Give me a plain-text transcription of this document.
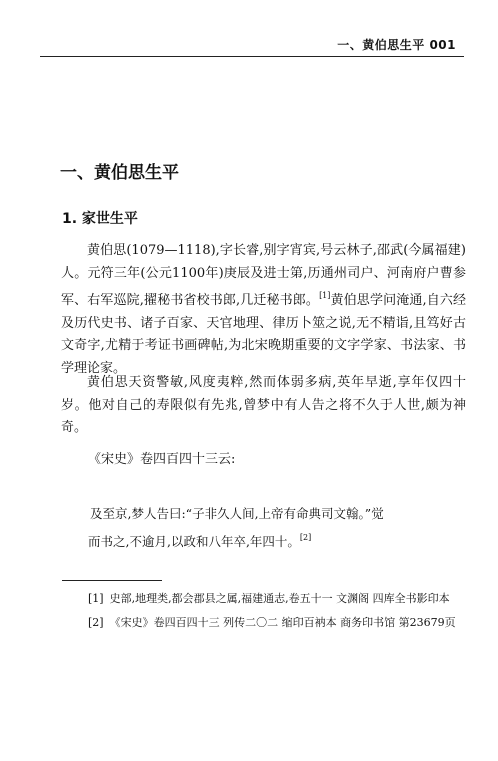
一、黄伯思生平 001
一、黄伯思生平
1. 家世生平
黄伯思(1079—1118),字长睿,别字宵宾,号云林子,邵武(今属福建)人。元符三年(公元1100年)庚辰及进士第,历通州司户、河南府户曹参军、右军巡院,擢秘书省校书郎,几迁秘书郎。[1]黄伯思学问淹通,自六经及历代史书、诸子百家、天官地理、律历卜筮之说,无不精诣,且笃好古文奇字,尤精于考证书画碑帖,为北宋晚期重要的文字学家、书法家、书学理论家。
黄伯思天资警敏,风度夷粹,然而体弱多病,英年早逝,享年仅四十岁。他对自己的寿限似有先兆,曾梦中有人告之将不久于人世,颇为神奇。
《宋史》卷四百四十三云:
及至京,梦人告曰:“子非久人间,上帝有命典司文翰。”觉
而书之,不逾月,以政和八年卒,年四十。[2]
[1] 史部,地理类,都会郡县之属,福建通志,卷五十一 文渊阁 四库全书影印本
[2] 《宋史》卷四百四十三 列传二〇二 缩印百衲本 商务印书馆 第23679页
